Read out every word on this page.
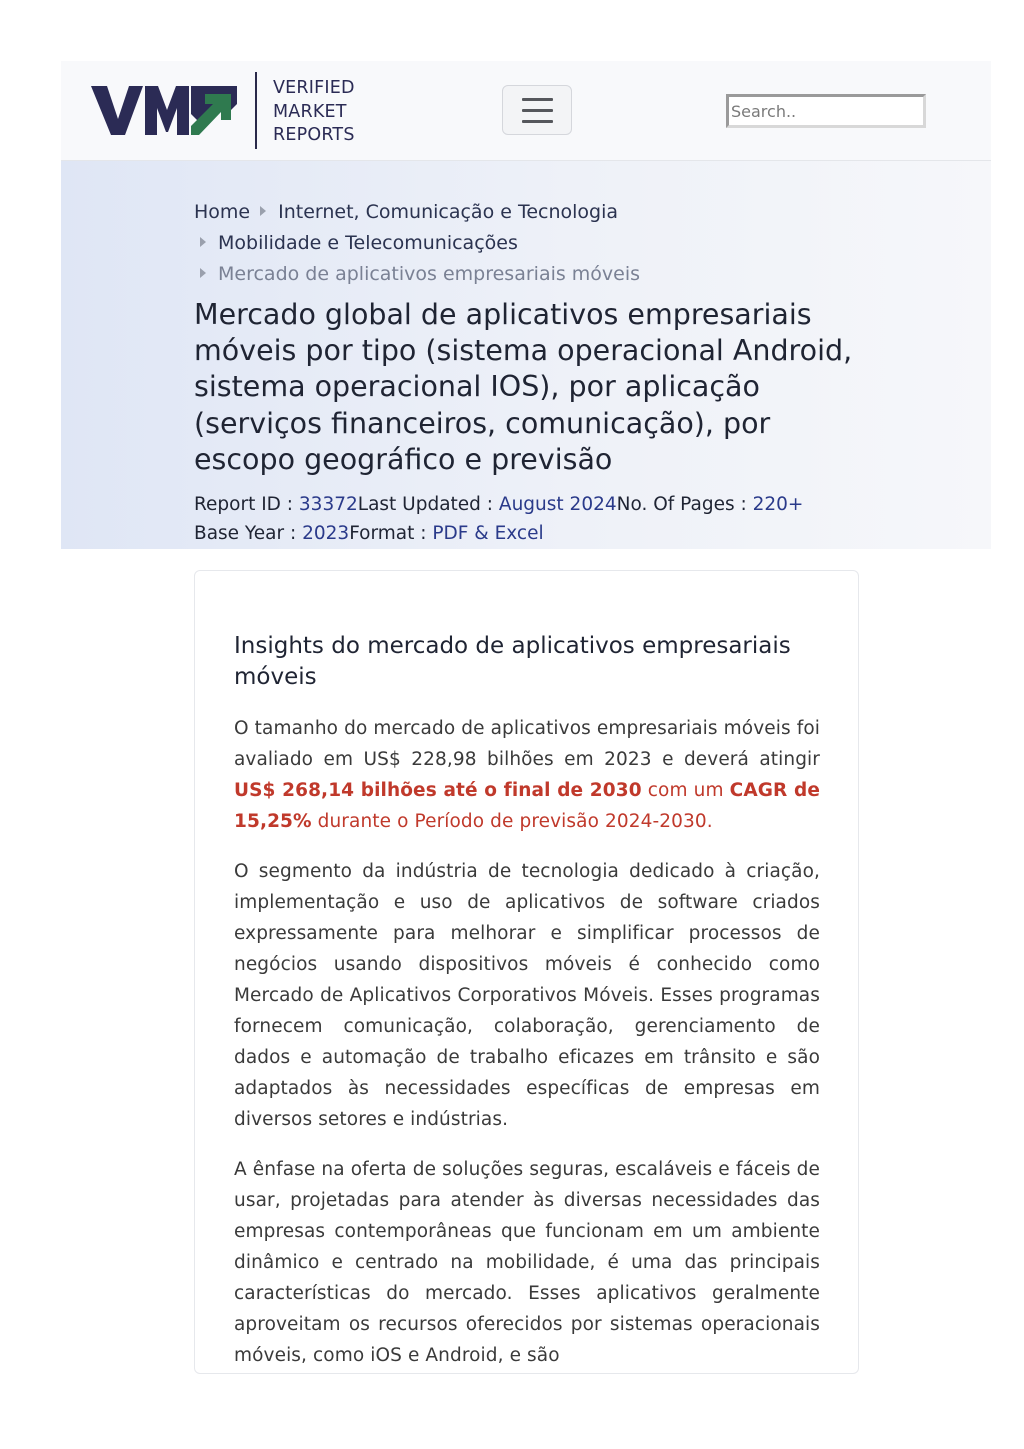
VERIFIED
MARKET
REPORTS
Search..
Home Internet, Comunicação e Tecnologia
Mobilidade e Telecomunicações
Mercado de aplicativos empresariais móveis
Mercado global de aplicativos empresariais móveis por tipo (sistema operacional Android, sistema operacional IOS), por aplicação (serviços financeiros, comunicação), por escopo geográfico e previsão
Report ID : 33372Last Updated : August 2024No. Of Pages : 220+
Base Year : 2023Format : PDF & Excel
Insights do mercado de aplicativos empresariais móveis

O tamanho do mercado de aplicativos empresariais móveis foi avaliado em US$ 228,98 bilhões em 2023 e deverá atingir US$ 268,14 bilhões até o final de 2030 com um CAGR de 15,25% durante o Período de previsão 2024-2030.

O segmento da indústria de tecnologia dedicado à criação, implementação e uso de aplicativos de software criados expressamente para melhorar e simplificar processos de negócios usando dispositivos móveis é conhecido como Mercado de Aplicativos Corporativos Móveis. Esses programas fornecem comunicação, colaboração, gerenciamento de dados e automação de trabalho eficazes em trânsito e são adaptados às necessidades específicas de empresas em diversos setores e indústrias.

A ênfase na oferta de soluções seguras, escaláveis e fáceis de usar, projetadas para atender às diversas necessidades das empresas contemporâneas que funcionam em um ambiente dinâmico e centrado na mobilidade, é uma das principais características do mercado. Esses aplicativos geralmente aproveitam os recursos oferecidos por sistemas operacionais móveis, como iOS e Android, e são
